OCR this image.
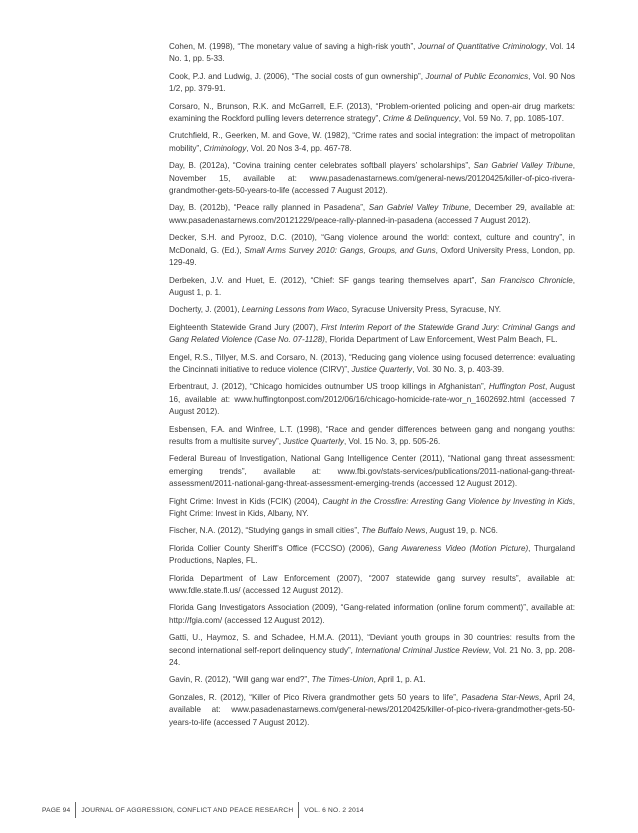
Cohen, M. (1998), “The monetary value of saving a high-risk youth”, Journal of Quantitative Criminology, Vol. 14 No. 1, pp. 5-33.

Cook, P.J. and Ludwig, J. (2006), “The social costs of gun ownership”, Journal of Public Economics, Vol. 90 Nos 1/2, pp. 379-91.

Corsaro, N., Brunson, R.K. and McGarrell, E.F. (2013), “Problem-oriented policing and open-air drug markets: examining the Rockford pulling levers deterrence strategy”, Crime & Delinquency, Vol. 59 No. 7, pp. 1085-107.

Crutchfield, R., Geerken, M. and Gove, W. (1982), “Crime rates and social integration: the impact of metropolitan mobility”, Criminology, Vol. 20 Nos 3-4, pp. 467-78.

Day, B. (2012a), “Covina training center celebrates softball players’ scholarships”, San Gabriel Valley Tribune, November 15, available at: www.pasadenastarnews.com/general-news/20120425/killer-of-pico-rivera-grandmother-gets-50-years-to-life (accessed 7 August 2012).

Day, B. (2012b), “Peace rally planned in Pasadena”, San Gabriel Valley Tribune, December 29, available at: www.pasadenastarnews.com/20121229/peace-rally-planned-in-pasadena (accessed 7 August 2012).

Decker, S.H. and Pyrooz, D.C. (2010), “Gang violence around the world: context, culture and country”, in McDonald, G. (Ed.), Small Arms Survey 2010: Gangs, Groups, and Guns, Oxford University Press, London, pp. 129-49.

Derbeken, J.V. and Huet, E. (2012), “Chief: SF gangs tearing themselves apart”, San Francisco Chronicle, August 1, p. 1.

Docherty, J. (2001), Learning Lessons from Waco, Syracuse University Press, Syracuse, NY.

Eighteenth Statewide Grand Jury (2007), First Interim Report of the Statewide Grand Jury: Criminal Gangs and Gang Related Violence (Case No. 07-1128), Florida Department of Law Enforcement, West Palm Beach, FL.

Engel, R.S., Tillyer, M.S. and Corsaro, N. (2013), “Reducing gang violence using focused deterrence: evaluating the Cincinnati initiative to reduce violence (CIRV)”, Justice Quarterly, Vol. 30 No. 3, p. 403-39.

Erbentraut, J. (2012), “Chicago homicides outnumber US troop killings in Afghanistan”, Huffington Post, August 16, available at: www.huffingtonpost.com/2012/06/16/chicago-homicide-rate-wor_n_1602692.html (accessed 7 August 2012).

Esbensen, F.A. and Winfree, L.T. (1998), “Race and gender differences between gang and nongang youths: results from a multisite survey”, Justice Quarterly, Vol. 15 No. 3, pp. 505-26.

Federal Bureau of Investigation, National Gang Intelligence Center (2011), “National gang threat assessment: emerging trends”, available at: www.fbi.gov/stats-services/publications/2011-national-gang-threat-assessment/2011-national-gang-threat-assessment-emerging-trends (accessed 12 August 2012).

Fight Crime: Invest in Kids (FCIK) (2004), Caught in the Crossfire: Arresting Gang Violence by Investing in Kids, Fight Crime: Invest in Kids, Albany, NY.

Fischer, N.A. (2012), “Studying gangs in small cities”, The Buffalo News, August 19, p. NC6.

Florida Collier County Sheriff’s Office (FCCSO) (2006), Gang Awareness Video (Motion Picture), Thurgaland Productions, Naples, FL.

Florida Department of Law Enforcement (2007), “2007 statewide gang survey results”, available at: www.fdle.state.fl.us/ (accessed 12 August 2012).

Florida Gang Investigators Association (2009), “Gang-related information (online forum comment)”, available at: http://fgia.com/ (accessed 12 August 2012).

Gatti, U., Haymoz, S. and Schadee, H.M.A. (2011), “Deviant youth groups in 30 countries: results from the second international self-report delinquency study”, International Criminal Justice Review, Vol. 21 No. 3, pp. 208-24.

Gavin, R. (2012), “Will gang war end?”, The Times-Union, April 1, p. A1.

Gonzales, R. (2012), “Killer of Pico Rivera grandmother gets 50 years to life”, Pasadena Star-News, April 24, available at: www.pasadenastarnews.com/general-news/20120425/killer-of-pico-rivera-grandmother-gets-50-years-to-life (accessed 7 August 2012).

PAGE 94 JOURNAL OF AGGRESSION, CONFLICT AND PEACE RESEARCH VOL. 6 NO. 2 2014
